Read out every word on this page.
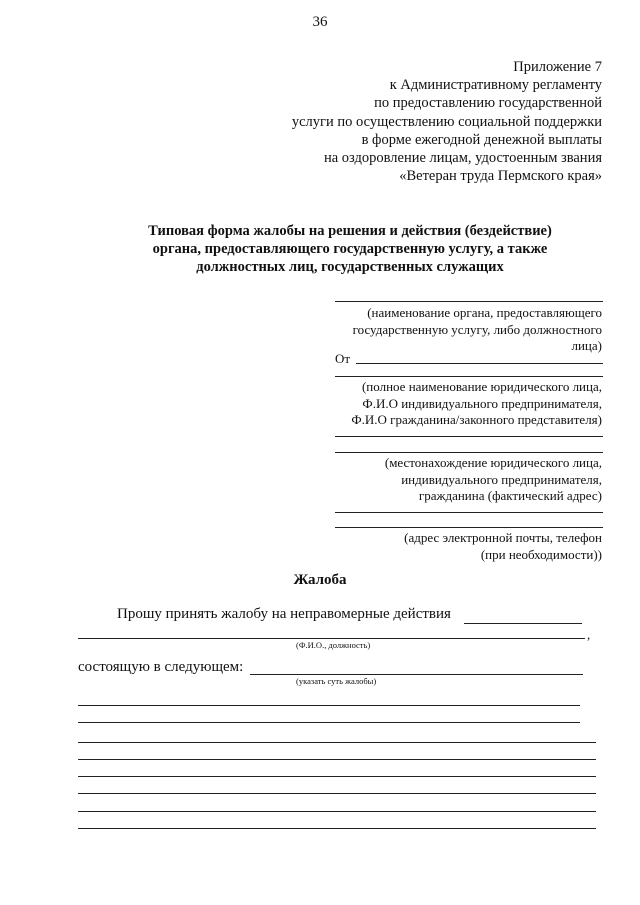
36
Приложение 7
к Административному регламенту
по предоставлению государственной
услуги по осуществлению социальной поддержки
в форме ежегодной денежной выплаты
на оздоровление лицам, удостоенным звания
«Ветеран труда Пермского края»
Типовая форма жалобы на решения и действия (бездействие)
органа, предоставляющего государственную услугу, а также
должностных лиц, государственных служащих
(наименование органа, предоставляющего
государственную услугу, либо должностного
лица)
От
(полное наименование юридического лица,
Ф.И.О индивидуального предпринимателя,
Ф.И.О гражданина/законного представителя)
(местонахождение юридического лица,
индивидуального предпринимателя,
гражданина (фактический адрес)
(адрес электронной почты, телефон
(при необходимости))
Жалоба
Прошу принять жалобу на неправомерные действия
,
(Ф.И.О., должность)
состоящую в следующем:
(указать суть жалобы)
